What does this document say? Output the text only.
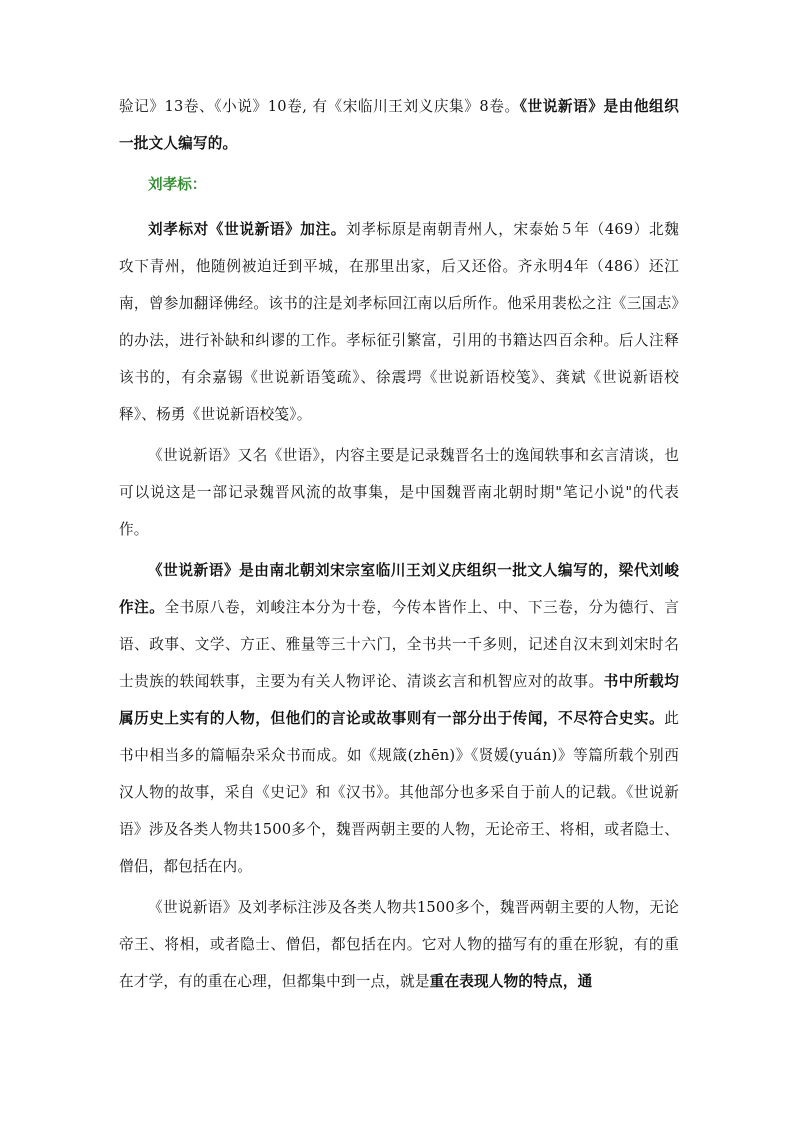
验记》13卷、《小说》10卷, 有《宋临川王刘义庆集》8卷。《世说新语》是由他组织一批文人编写的。

刘孝标：

刘孝标对《世说新语》加注。刘孝标原是南朝青州人，宋泰始５年（469）北魏攻下青州，他随例被迫迁到平城，在那里出家，后又还俗。齐永明4年（486）还江南，曾参加翻译佛经。该书的注是刘孝标回江南以后所作。他采用裴松之注《三国志》的办法，进行补缺和纠谬的工作。孝标征引繁富，引用的书籍达四百余种。后人注释该书的，有余嘉锡《世说新语笺疏》、徐震堮《世说新语校笺》、龚斌《世说新语校释》、杨勇《世说新语校笺》。

《世说新语》又名《世语》，内容主要是记录魏晋名士的逸闻轶事和玄言清谈，也可以说这是一部记录魏晋风流的故事集，是中国魏晋南北朝时期"笔记小说"的代表作。

《世说新语》是由南北朝刘宋宗室临川王刘义庆组织一批文人编写的，梁代刘峻作注。全书原八卷，刘峻注本分为十卷，今传本皆作上、中、下三卷，分为德行、言语、政事、文学、方正、雅量等三十六门，全书共一千多则，记述自汉末到刘宋时名士贵族的轶闻轶事，主要为有关人物评论、清谈玄言和机智应对的故事。书中所载均属历史上实有的人物，但他们的言论或故事则有一部分出于传闻，不尽符合史实。此书中相当多的篇幅杂采众书而成。如《规箴(zhēn)》《贤媛(yuán)》等篇所载个别西汉人物的故事，采自《史记》和《汉书》。其他部分也多采自于前人的记载。《世说新语》涉及各类人物共1500多个，魏晋两朝主要的人物，无论帝王、将相，或者隐士、僧侣，都包括在内。

《世说新语》及刘孝标注涉及各类人物共1500多个，魏晋两朝主要的人物，无论帝王、将相，或者隐士、僧侣，都包括在内。它对人物的描写有的重在形貌，有的重在才学，有的重在心理，但都集中到一点，就是重在表现人物的特点，通
